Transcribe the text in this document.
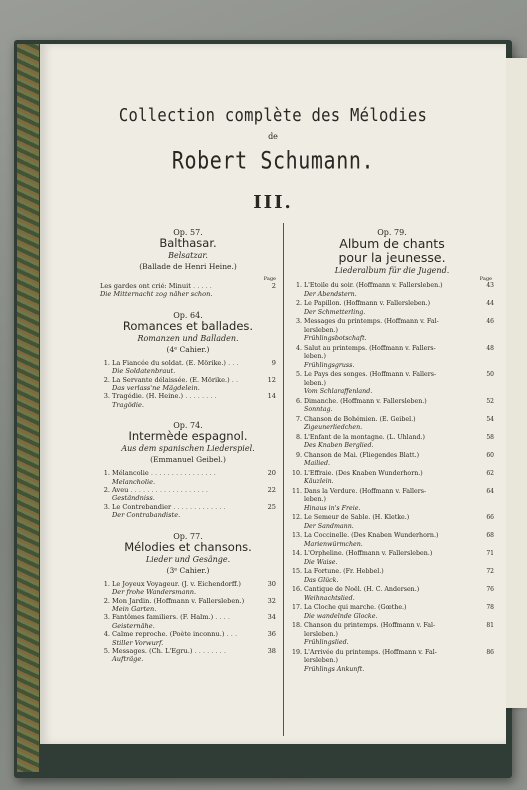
Collection complète des Mélodies
de
Robert Schumann.
III.
Op. 57.
Balthasar.
Belsatzar.
(Ballade de Henri Heine.)
Page
Les gardes ont crié: Minuit . . . . .	2
Die Mitternacht zog näher schon.
Op. 64.
Romances et ballades.
Romanzen und Balladen.
(4ᵉ Cahier.)
1. La Fiancée du soldat. (E. Mörike.) . . .	9
Die Soldatenbraut.
2. La Servante délaissée. (E. Mörike.) . .	12
Das verlass'ne Mägdelein.
3. Tragédie. (H. Heine.) . . . . . . . .	14
Tragödie.
Op. 74.
Intermède espagnol.
Aus dem spanischen Liederspiel.
(Emmanuel Geibel.)
1. Mélancolie . . . . . . . . . . . . . . . .	20
Melancholie.
2. Aveu . . . . . . . . . . . . . . . . . . .	22
Geständniss.
3. Le Contrebandier . . . . . . . . . . . . .	25
Der Contrabandiste.
Op. 77.
Mélodies et chansons.
Lieder und Gesänge.
(3ᵉ Cahier.)
1. Le Joyeux Voyageur. (J. v. Eichendorff.)	30
Der frohe Wandersmann.
2. Mon Jardin. (Hoffmann v. Fallersleben.)	32
Mein Garten.
3. Fantômes familiers. (F. Halm.) . . . .	34
Geisternähe.
4. Calme reproche. (Poète inconnu.) . . .	36
Stiller Vorwurf.
5. Messages. (Ch. L'Egru.) . . . . . . . .	38
Aufträge.
Op. 79.
Album de chants
pour la jeunesse.
Liederalbum für die Jugend.
Page
1. L'Etoile du soir. (Hoffmann v. Fallersleben.)	43
Der Abendstern.
2. Le Papillon. (Hoffmann v. Fallersleben.)	44
Der Schmetterling.
3. Messages du printemps. (Hoffmann v. Fal-	46
lersleben.)
Frühlingsbotschaft.
4. Salut au printemps. (Hoffmann v. Fallers-	48
leben.)
Frühlingsgruss.
5. Le Pays des songes. (Hoffmann v. Fallers-	50
leben.)
Vom Schlaraffenland.
6. Dimanche. (Hoffmann v. Fallersleben.)	52
Sonntag.
7. Chanson de Bohémien. (E. Geibel.)	54
Zigeunerliedchen.
8. L'Enfant de la montagne. (L. Uhland.)	58
Des Knaben Berglied.
9. Chanson de Mai. (Fliegendes Blatt.)	60
Mailied.
10. L'Effraie. (Des Knaben Wunderhorn.)	62
Käuzlein.
11. Dans la Verdure. (Hoffmann v. Fallers-	64
leben.)
Hinaus in's Freie.
12. Le Semeur de Sable. (H. Kletke.)	66
Der Sandmann.
13. La Coccinelle. (Des Knaben Wunderhorn.)	68
Marienwürmchen.
14. L'Orpheline. (Hoffmann v. Fallersleben.)	71
Die Waise.
15. La Fortune. (Fr. Hebbel.)	72
Das Glück.
16. Cantique de Noël. (H. C. Andersen.)	76
Weihnachtslied.
17. La Cloche qui marche. (Gœthe.)	78
Die wandelnde Glocke.
18. Chanson du printemps. (Hoffmann v. Fal-	81
lersleben.)
Frühlingslied.
19. L'Arrivée du printemps. (Hoffmann v. Fal-	86
lersleben.)
Frühlings Ankunft.
